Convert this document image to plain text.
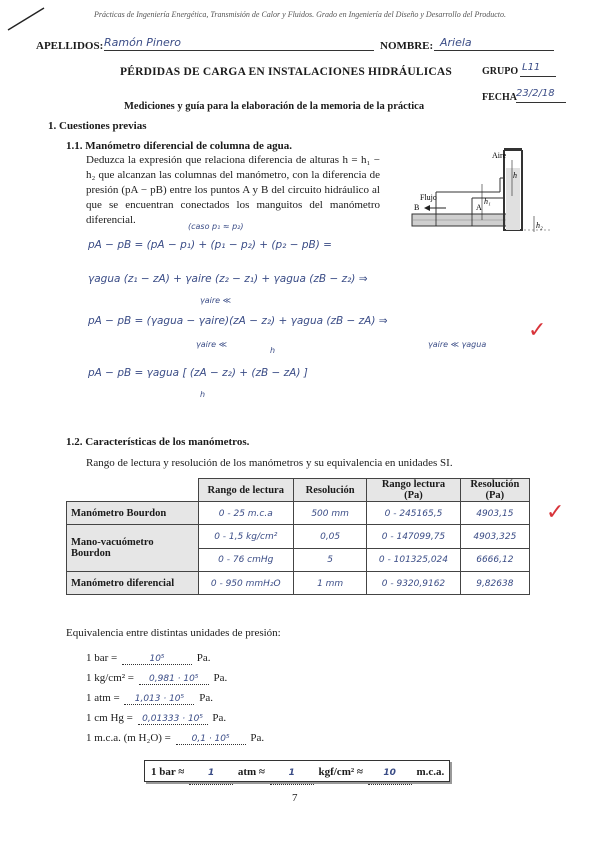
Prácticas de Ingeniería Energética, Transmisión de Calor y Fluidos. Grado en Ingeniería del Diseño y Desarrollo del Producto.
APELLIDOS: Ramón Pinero	NOMBRE: Ariela
GRUPO L11
PÉRDIDAS DE CARGA EN INSTALACIONES HIDRÁULICAS
FECHA 23/2/18
Mediciones y guía para la elaboración de la memoria de la práctica
1. Cuestiones previas
1.1. Manómetro diferencial de columna de agua.
Deduzca la expresión que relaciona diferencia de alturas h = h₁ − h₂ que alcanzan las columnas del manómetro, con la diferencia de presión (pA − pB) entre los puntos A y B del circuito hidráulico al que se encuentran conectados los manguitos del manómetro diferencial.
Aire
Flujo
B	A
h
h₁
h₂
(caso p₁ ≈ p₂)
pA − pB = (pA − p₁) + (p₁ − p₂) + (p₂ − pB) =
γagua (z₁ − zA) + γaire (z₂ − z₁) + γagua (zB − z₂) ⇒
γaire ≪
pA − pB = (γagua − γaire)(zA − z₂) + γagua (zB − zA) ⇒
γaire ≪
h
γaire ≪ γagua
pA − pB = γagua [ (zA − z₂) + (zB − zA) ]
h
✓
1.2. Características de los manómetros.
Rango de lectura y resolución de los manómetros y su equivalencia en unidades SI.
	Rango de lectura	Resolución	Rango lectura (Pa)	Resolución (Pa)
Manómetro Bourdon	0 - 25 m.c.a	500 mm	0 - 245165,5	4903,15
Mano-vacuómetro Bourdon	0 - 1,5 kg/cm²	0,05	0 - 147099,75	4903,325
	0 - 76 cmHg	5	0 - 101325,024	6666,12
Manómetro diferencial	0 - 950 mmH₂O	1 mm	0 - 9320,9162	9,82638
✓
Equivalencia entre distintas unidades de presión:
1 bar =	10⁵	Pa.
1 kg/cm² = 0,981 · 10⁵ Pa.
1 atm = 1,013 · 10⁵ Pa.
1 cm Hg = 0,01333 · 10⁵ Pa.
1 m.c.a. (m H₂O) = 0,1 · 10⁵ Pa.
1 bar ≈	1 atm ≈	1 kgf/cm² ≈ 10 m.c.a.
7
